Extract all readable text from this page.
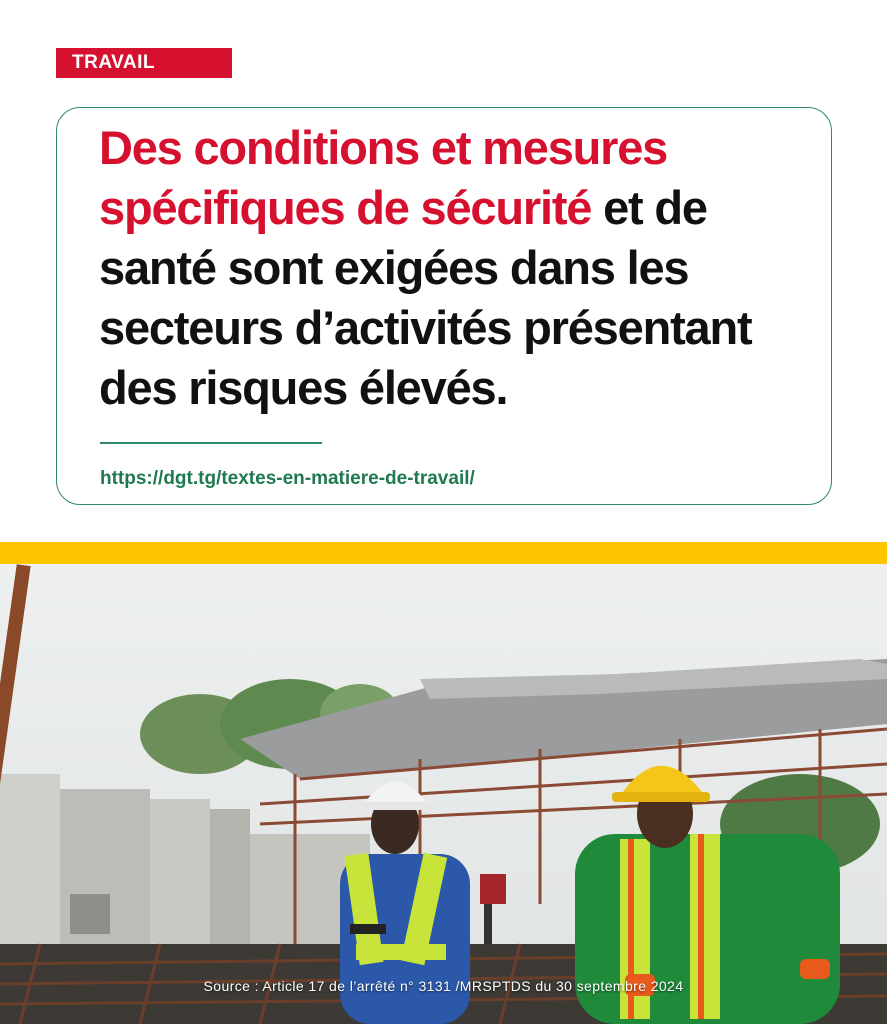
TRAVAIL
Des conditions et mesures spécifiques de sécurité et de santé sont exigées dans les secteurs d’activités présentant des risques élevés.
https://dgt.tg/textes-en-matiere-de-travail/
Source : Article 17 de l’arrêté n° 3131 /MRSPTDS du 30 septembre 2024
